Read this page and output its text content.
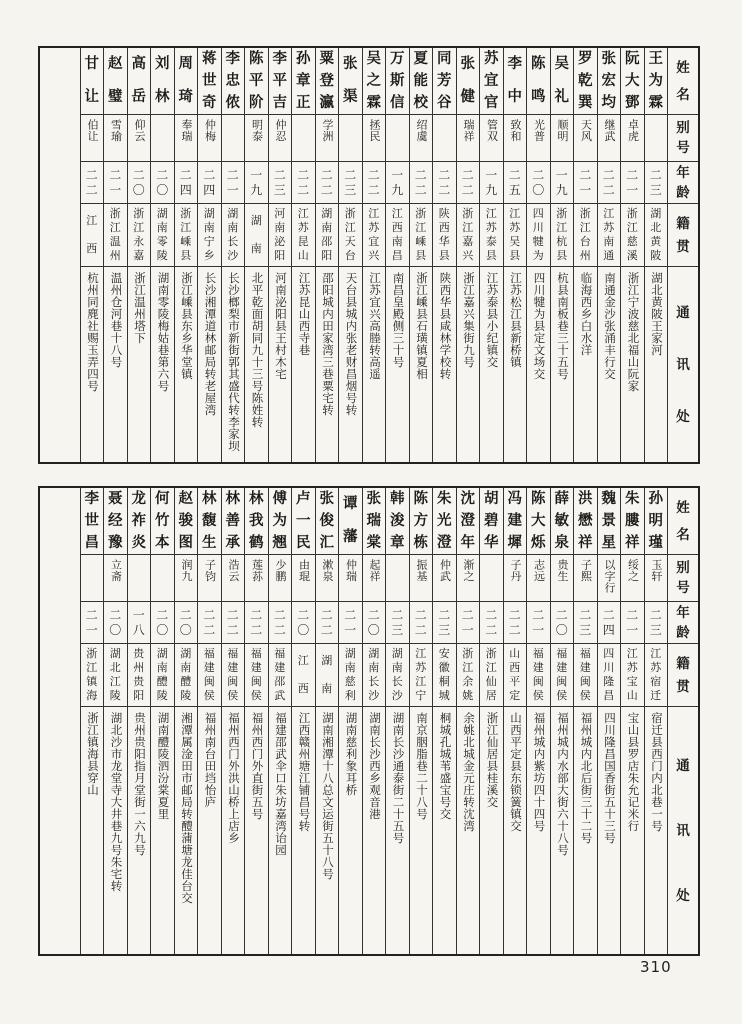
姓
名
别
号
年
龄
籍
贯
通
讯
处
王
为
霖
二
三
湖
北
黄
陂
湖北黄陂王家河
阮
大
鄧
卓虎
二
一
浙
江
慈
溪
浙江宁波慈北福山阮家
张
宏
均
继武
二
二
江
苏
南
通
南通金沙张涌丰行交
罗
乾
巽
天风
二
一
浙
江
台
州
临海西乡白水洋
吴
礼
顺明
一
九
浙
江
杭
县
杭县南板巷三十五号
陈
鸣
光普
二
〇
四
川
犍
为
四川犍为县定文场交
李
中
致和
二
五
江
苏
吴
县
江苏松江县新桥镇
苏
宜
官
管双
一
九
江
苏
泰
县
江苏泰县小纪镇交
张
健
瑞祥
二
二
浙
江
嘉
兴
浙江嘉兴集街九号
同
芳
谷
二
二
陕
西
华
县
陕西华县咸林学校转
夏
能
校
绍虞
二
二
浙
江
嵊
县
浙江嵊县石璜镇夏相
万
斯
信
一
九
江
西
南
昌
南昌皇殿侧三十号
吴
之
霖
拯民
二
二
江
苏
宜
兴
江苏宜兴高塍转高遥
张
渠
二
三
浙
江
天
台
天台县城内张老财昌烟号转
粟
登
瀛
学洲
二
二
湖
南
邵
阳
邵阳城内田家湾三巷粟宅转
孙
章
正
二
二
江
苏
昆
山
江苏昆山西寺巷
李
平
吉
仲忍
二
三
河
南
泌
阳
河南泌阳县王村木宅
陈
平
阶
明泰
一
九
湖
南
北平乾面胡同九十三号陈姓转
李
忠
侬
二
一
湖
南
长
沙
长沙榔梨市新街郭其盛代转李家坝
蒋
世
奇
仲梅
二
四
湖
南
宁
乡
长沙湘潭道林邮局转老屋湾
周
琦
奉瑞
二
四
浙
江
嵊
县
浙江嵊县东乡华堂镇
刘
林
二
〇
湖
南
零
陵
湖南零陵梅姑巷第六号
高
岳
仰云
二
〇
浙
江
永
嘉
浙江温州塔下
赵
璧
雪瑜
二
一
浙
江
温
州
温州仓河巷十八号
甘
让
伯让
二
二
江
西
杭州同麂社赐玉弄四号
姓
名
别
号
年
龄
籍
贯
通
讯
处
孙
明
瑾
玉轩
二
三
江
苏
宿
迁
宿迁县西门内北巷一号
朱
膢
祥
绥之
二
一
江
苏
宝
山
宝山县罗店朱允记米行
魏
景
星
以字行
二
四
四
川
隆
昌
四川隆昌国香街五十三号
洪
懋
祥
子熙
二
三
福
建
闽
侯
福州城内北后街三十二号
薛
敏
泉
贵生
二
〇
福
建
闽
侯
福州城内水部大街六十八号
陈
大
烁
志远
二
一
福
建
闽
侯
福州城内紫坊四十四号
冯
建
墀
子丹
二
二
山
西
平
定
山西平定县东锁簧镇交
胡
碧
华
二
二
浙
江
仙
居
浙江仙居县桂溪交
沈
澄
年
渐之
二
一
浙
江
余
姚
余姚北城金元庄转沈湾
朱
光
澄
仲武
二
三
安
徽
桐
城
桐城孔城苇盛宝号交
陈
方
栋
振基
二
二
江
苏
江
宁
南京胭脂巷二十八号
韩
浚
章
二
三
湖
南
长
沙
湖南长沙通泰街二十五号
张
瑞
棠
起祥
二
〇
湖
南
长
沙
湖南长沙西乡观音港
谭
藩
仲瑞
二
一
湖
南
慈
利
湖南慈利象耳桥
张
俊
汇
漱泉
二
二
湖
南
湖南湘潭十八总文运街五十八号
卢
一
民
由琨
二
〇
江
西
江西赣州塘江铺昌号转
傅
为
翘
少鹏
二
二
福
建
邵
武
福建邵武伞口朱坊嘉湾诒园
林
我
鹤
莲荪
二
二
福
建
闽
侯
福州西门外直街五号
林
善
承
浩云
二
二
福
建
闽
侯
福州西门外洪山桥上店乡
林
馥
生
子钧
二
二
福
建
闽
侯
福州南台田垱怡庐
赵
骏
图
润九
二
〇
湖
南
醴
陵
湘潭属淦田市邮局转醴蒲塘龙佳台交
何
竹
本
二
〇
湖
南
醴
陵
湖南醴陵泗汾棠夏里
龙
祚
炎
一
八
贵
州
贵
阳
贵州贵阳指月堂街一六九号
聂
经
豫
立斋
二
〇
湖
北
江
陵
湖北沙市龙堂寺大井巷九号朱宅转
李
世
昌
二
一
浙
江
镇
海
浙江镇海县穿山
310
